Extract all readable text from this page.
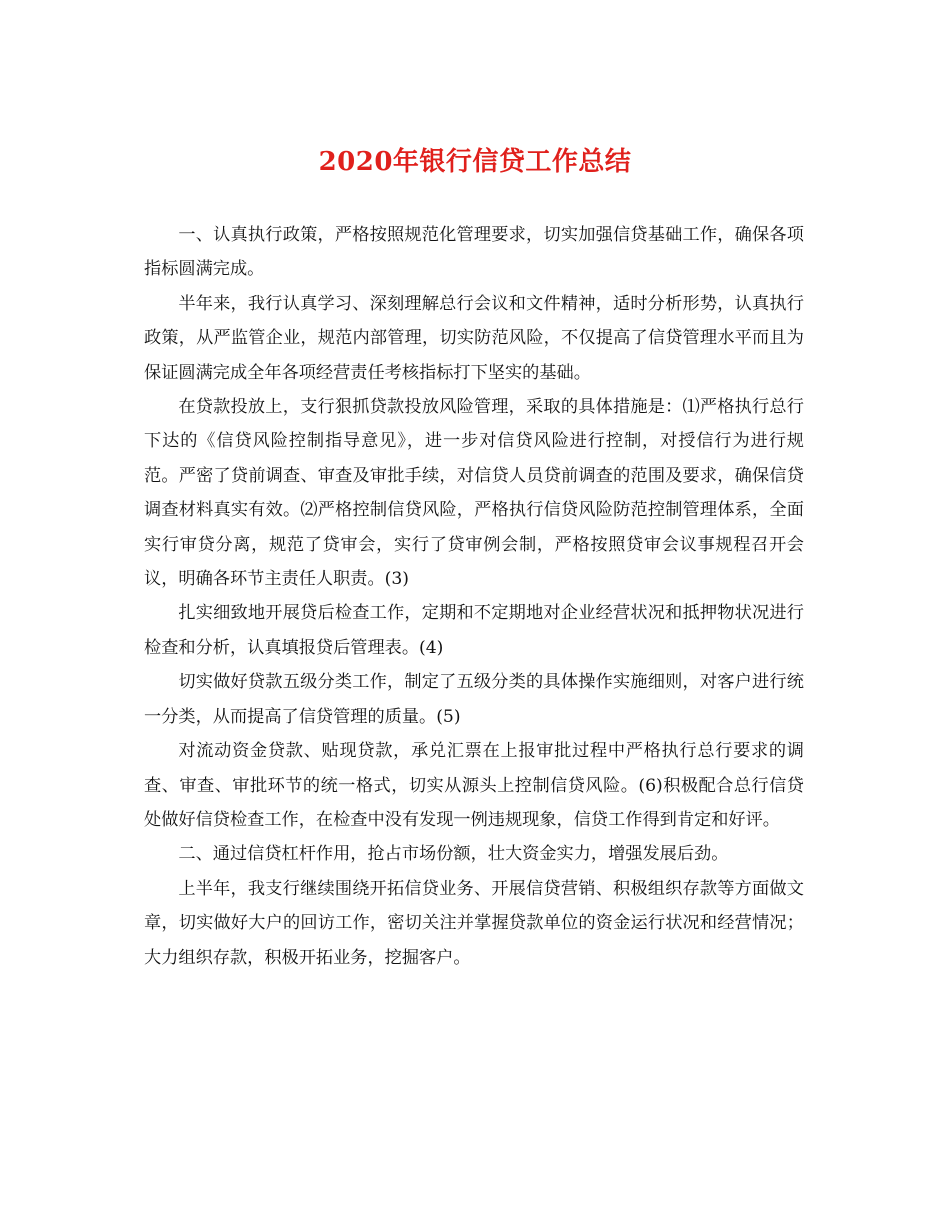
2020年银行信贷工作总结

一、认真执行政策，严格按照规范化管理要求，切实加强信贷基础工作，确保各项指标圆满完成。

半年来，我行认真学习、深刻理解总行会议和文件精神，适时分析形势，认真执行政策，从严监管企业，规范内部管理，切实防范风险，不仅提高了信贷管理水平而且为保证圆满完成全年各项经营责任考核指标打下坚实的基础。

在贷款投放上，支行狠抓贷款投放风险管理，采取的具体措施是：⑴严格执行总行下达的《信贷风险控制指导意见》，进一步对信贷风险进行控制，对授信行为进行规范。严密了贷前调查、审查及审批手续，对信贷人员贷前调查的范围及要求，确保信贷调查材料真实有效。⑵严格控制信贷风险，严格执行信贷风险防范控制管理体系，全面实行审贷分离，规范了贷审会，实行了贷审例会制，严格按照贷审会议事规程召开会议，明确各环节主责任人职责。(3)

扎实细致地开展贷后检查工作，定期和不定期地对企业经营状况和抵押物状况进行检查和分析，认真填报贷后管理表。(4)

切实做好贷款五级分类工作，制定了五级分类的具体操作实施细则，对客户进行统一分类，从而提高了信贷管理的质量。(5)

对流动资金贷款、贴现贷款，承兑汇票在上报审批过程中严格执行总行要求的调查、审查、审批环节的统一格式，切实从源头上控制信贷风险。(6)积极配合总行信贷处做好信贷检查工作，在检查中没有发现一例违规现象，信贷工作得到肯定和好评。

二、通过信贷杠杆作用，抢占市场份额，壮大资金实力，增强发展后劲。

上半年，我支行继续围绕开拓信贷业务、开展信贷营销、积极组织存款等方面做文章，切实做好大户的回访工作，密切关注并掌握贷款单位的资金运行状况和经营情况；大力组织存款，积极开拓业务，挖掘客户。
